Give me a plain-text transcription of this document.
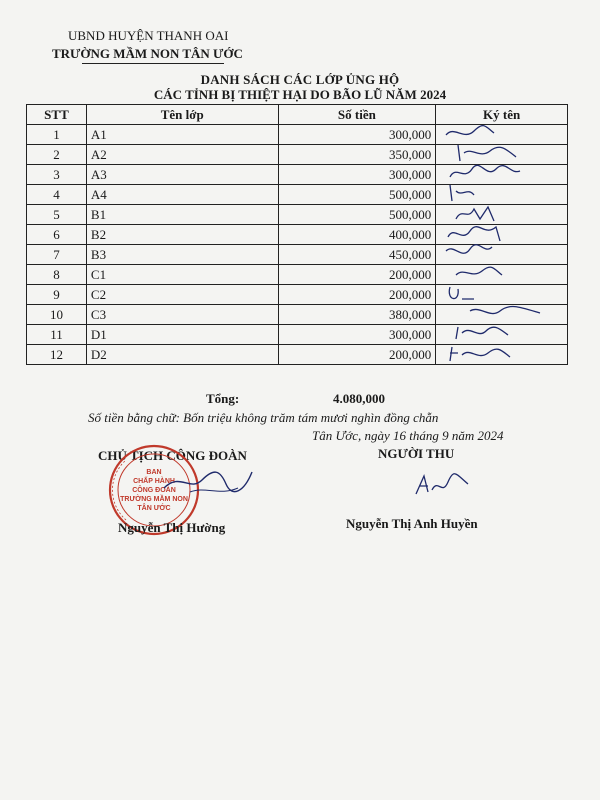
UBND HUYỆN THANH OAI
TRƯỜNG MẦM NON TÂN ƯỚC
DANH SÁCH CÁC LỚP ỦNG HỘ
CÁC TỈNH BỊ THIỆT HẠI DO BÃO LŨ NĂM 2024
STT	Tên lớp	Số tiền	Ký tên
1	A1	300,000	

2	A2	350,000	

3	A3	300,000	

4	A4	500,000	

5	B1	500,000	

6	B2	400,000	

7	B3	450,000	

8	C1	200,000	

9	C2	200,000	

10	C3	380,000	

11	D1	300,000	

12	D2	200,000	
Tổng:	4.080,000
Số tiền bằng chữ: Bốn triệu không trăm tám mươi nghìn đồng chẵn
Tân Ước, ngày 16 tháng 9 năm 2024
CHỦ TỊCH CÔNG ĐOÀN	NGƯỜI THU
BAN
CHẤP HÀNH
CÔNG ĐOÀN
TRƯỜNG MẦM NON
TÂN ƯỚC
Nguyễn Thị Hường	Nguyễn Thị Anh Huyền
